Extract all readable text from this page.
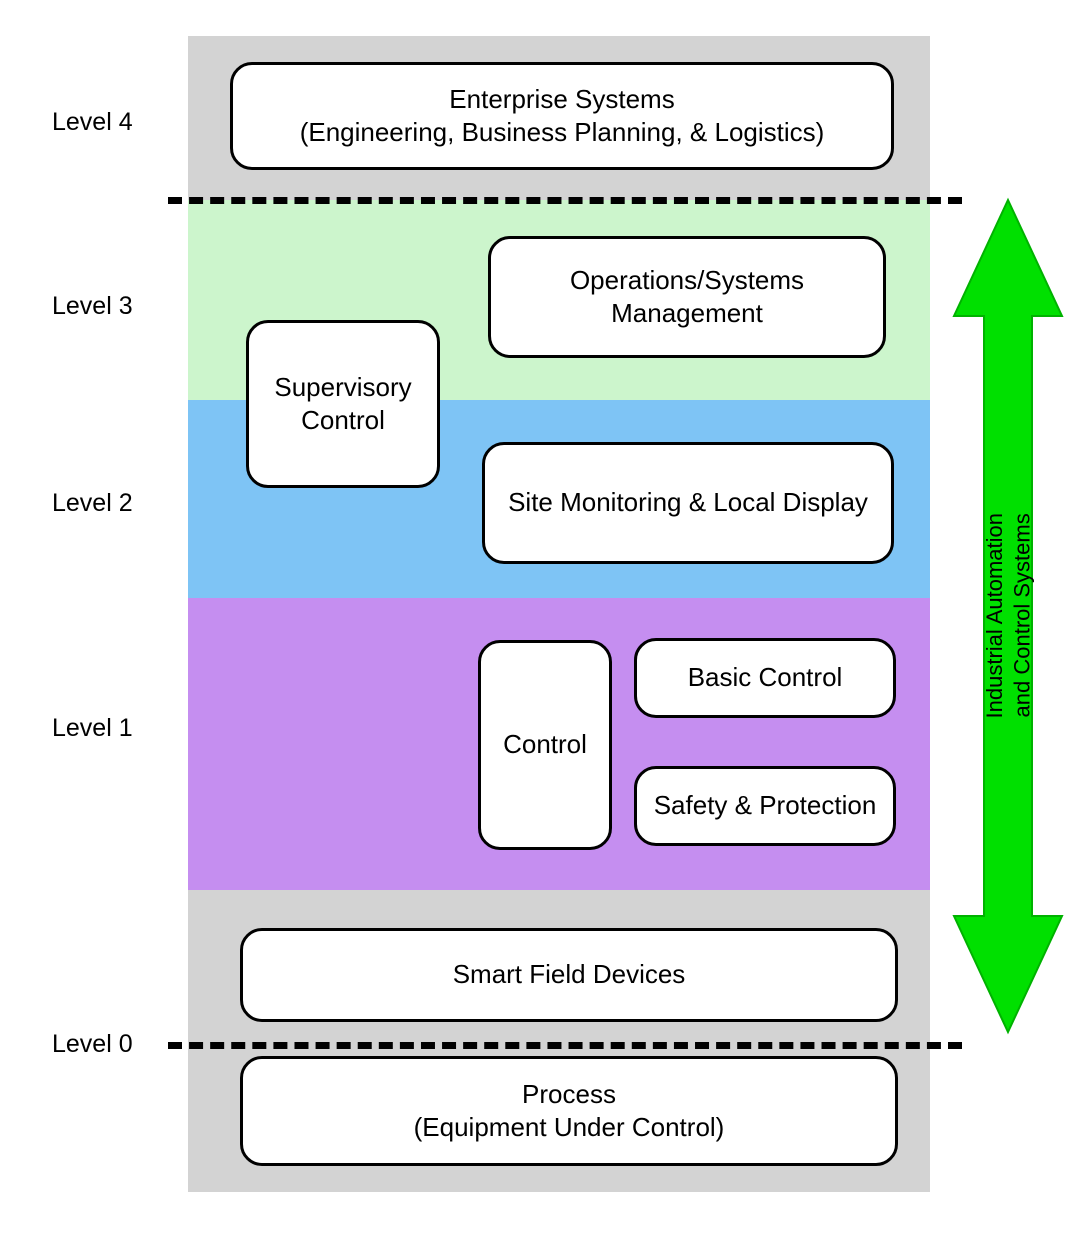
Level 4
Level 3
Level 2
Level 1
Level 0
Enterprise Systems
(Engineering, Business Planning, & Logistics)
Operations/Systems
Management
Supervisory
Control
Site Monitoring & Local Display
Control
Basic Control
Safety & Protection
Smart Field Devices
Process
(Equipment Under Control)
Industrial Automation and Control Systems
